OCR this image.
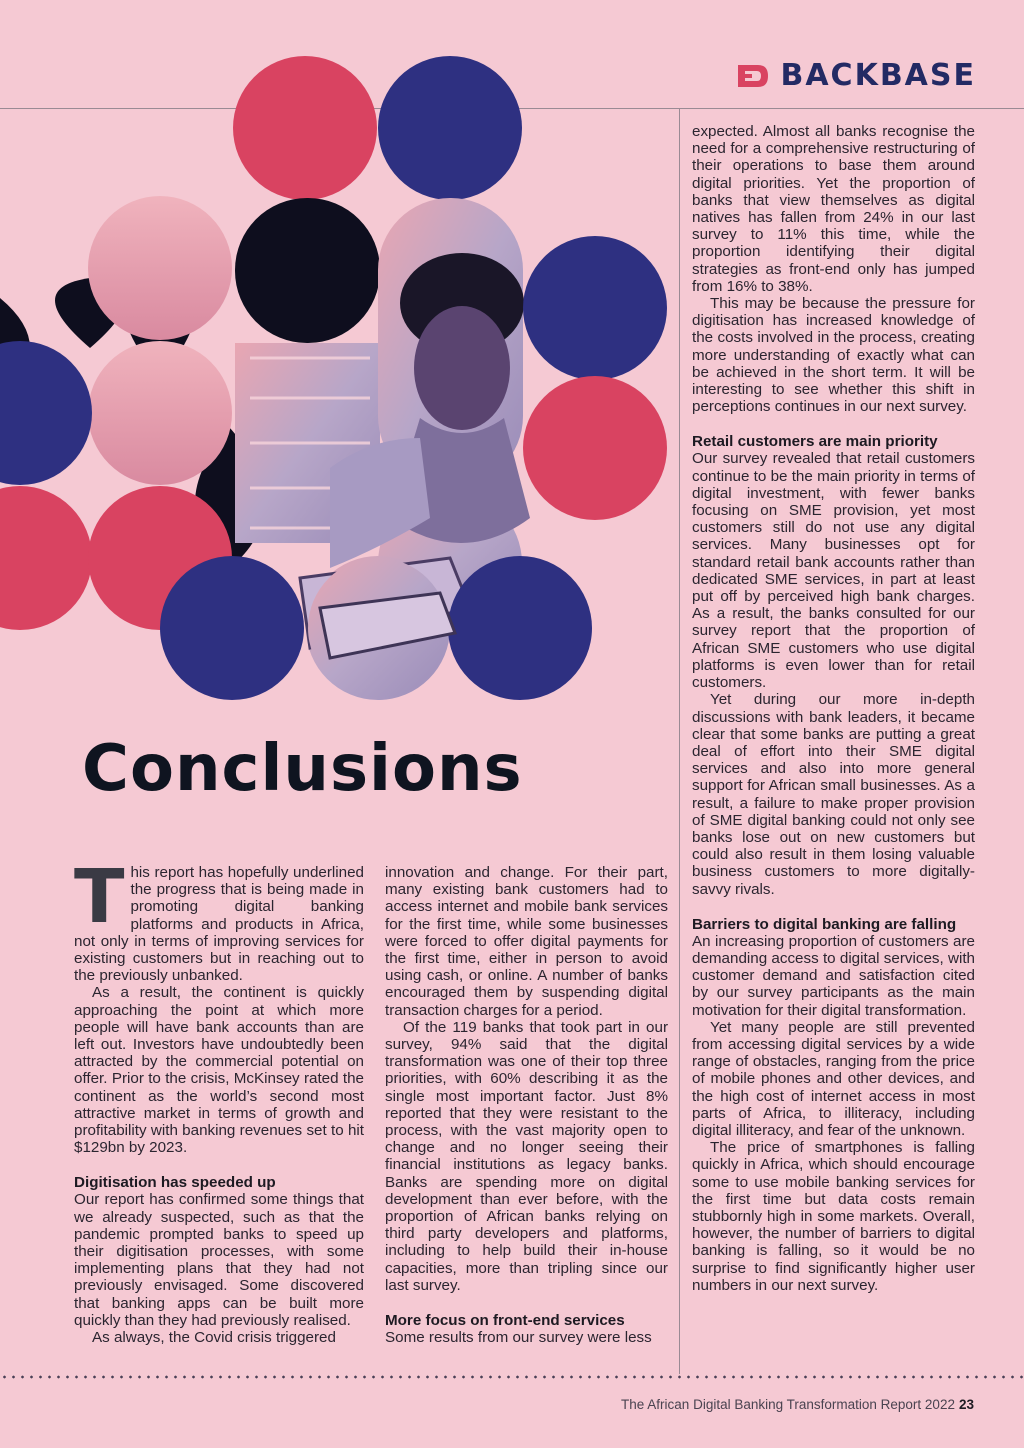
BACKBASE
Conclusions

This report has hopefully underlined the progress that is being made in promoting digital banking platforms and products in Africa, not only in terms of improving services for existing customers but in reaching out to the previously unbanked.

As a result, the continent is quickly approaching the point at which more people will have bank accounts than are left out. Investors have undoubtedly been attracted by the commercial potential on offer. Prior to the crisis, McKinsey rated the continent as the world’s second most attractive market in terms of growth and profitability with banking revenues set to hit $129bn by 2023.

Digitisation has speeded up

Our report has confirmed some things that we already suspected, such as that the pandemic prompted banks to speed up their digitisation processes, with some implementing plans that they had not previously envisaged. Some discovered that banking apps can be built more quickly than they had previously realised.

As always, the Covid crisis triggered

innovation and change. For their part, many existing bank customers had to access internet and mobile bank services for the first time, while some businesses were forced to offer digital payments for the first time, either in person to avoid using cash, or online. A number of banks encouraged them by suspending digital transaction charges for a period.

Of the 119 banks that took part in our survey, 94% said that the digital transformation was one of their top three priorities, with 60% describing it as the single most important factor. Just 8% reported that they were resistant to the process, with the vast majority open to change and no longer seeing their financial institutions as legacy banks. Banks are spending more on digital development than ever before, with the proportion of African banks relying on third party developers and platforms, including to help build their in-house capacities, more than tripling since our last survey.

More focus on front-end services

Some results from our survey were less

expected. Almost all banks recognise the need for a comprehensive restructuring of their operations to base them around digital priorities. Yet the proportion of banks that view themselves as digital natives has fallen from 24% in our last survey to 11% this time, while the proportion identifying their digital strategies as front-end only has jumped from 16% to 38%.

This may be because the pressure for digitisation has increased knowledge of the costs involved in the process, creating more understanding of exactly what can be achieved in the short term. It will be interesting to see whether this shift in perceptions continues in our next survey.

Retail customers are main priority

Our survey revealed that retail customers continue to be the main priority in terms of digital investment, with fewer banks focusing on SME provision, yet most customers still do not use any digital services. Many businesses opt for standard retail bank accounts rather than dedicated SME services, in part at least put off by perceived high bank charges. As a result, the banks consulted for our survey report that the proportion of African SME customers who use digital platforms is even lower than for retail customers.

Yet during our more in-depth discussions with bank leaders, it became clear that some banks are putting a great deal of effort into their SME digital services and also into more general support for African small businesses. As a result, a failure to make proper provision of SME digital banking could not only see banks lose out on new customers but could also result in them losing valuable business customers to more digitally-savvy rivals.

Barriers to digital banking are falling

An increasing proportion of customers are demanding access to digital services, with customer demand and satisfaction cited by our survey participants as the main motivation for their digital transformation.

Yet many people are still prevented from accessing digital services by a wide range of obstacles, ranging from the price of mobile phones and other devices, and the high cost of internet access in most parts of Africa, to illiteracy, including digital illiteracy, and fear of the unknown.

The price of smartphones is falling quickly in Africa, which should encourage some to use mobile banking services for the first time but data costs remain stubbornly high in some markets. Overall, however, the number of barriers to digital banking is falling, so it would be no surprise to find significantly higher user numbers in our next survey.

The African Digital Banking Transformation Report 2022 23
